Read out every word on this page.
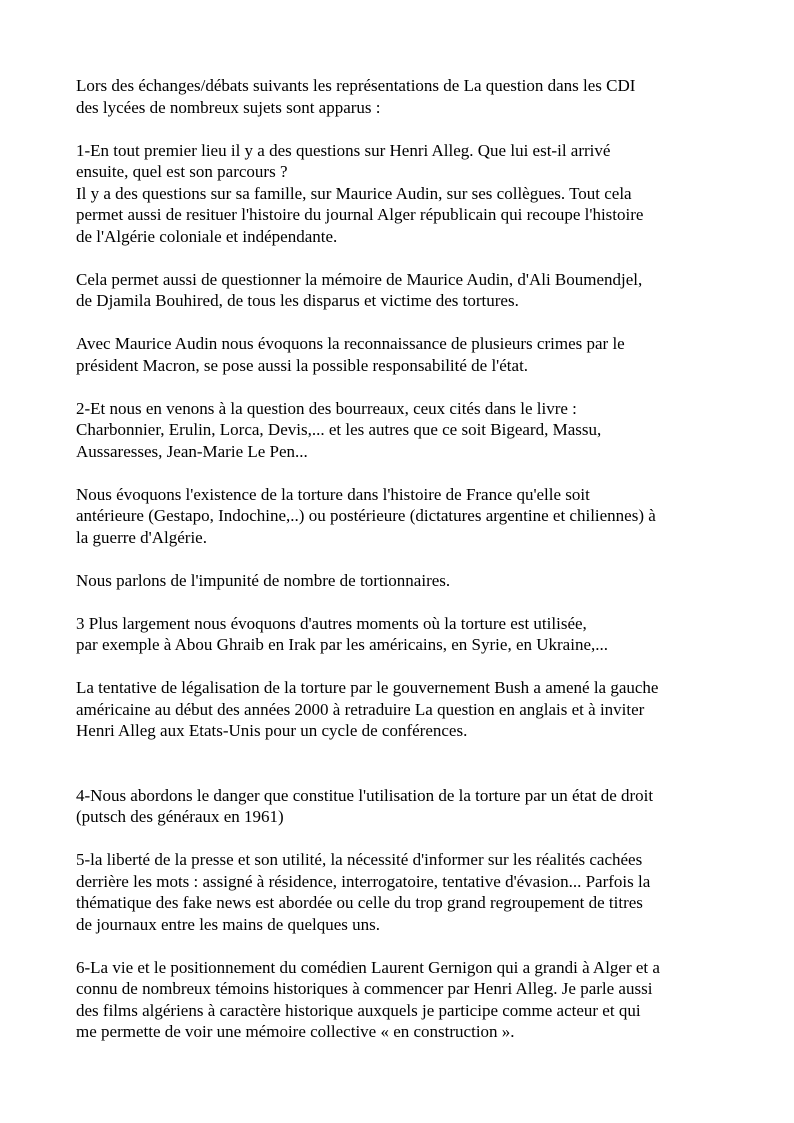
Lors des échanges/débats suivants les représentations de La question dans les CDI
des lycées de nombreux sujets sont apparus :

1-En tout premier lieu il y a des questions sur Henri Alleg. Que lui est-il arrivé
ensuite, quel est son parcours ?
Il y a des questions sur sa famille, sur Maurice Audin, sur ses collègues. Tout cela
permet aussi de resituer l'histoire du journal Alger républicain qui recoupe l'histoire
de l'Algérie coloniale et indépendante.

Cela permet aussi de questionner la mémoire de Maurice Audin, d'Ali Boumendjel,
de Djamila Bouhired, de tous les disparus et victime des tortures.

Avec Maurice Audin nous évoquons la reconnaissance de plusieurs crimes par le
président Macron, se pose aussi la possible responsabilité de l'état.

2-Et nous en venons à la question des bourreaux, ceux cités dans le livre :
Charbonnier, Erulin, Lorca, Devis,... et les autres que ce soit Bigeard, Massu,
Aussaresses, Jean-Marie Le Pen...

Nous évoquons l'existence de la torture dans l'histoire de France qu'elle soit
antérieure (Gestapo, Indochine,..) ou postérieure (dictatures argentine et chiliennes) à
la guerre d'Algérie.

Nous parlons de l'impunité de nombre de tortionnaires.

3 Plus largement nous évoquons d'autres moments où la torture est utilisée,
par exemple à Abou Ghraib en Irak par les américains, en Syrie, en Ukraine,...

La tentative de légalisation de la torture par le gouvernement Bush a amené la gauche
américaine au début des années 2000 à retraduire La question en anglais et à inviter
Henri Alleg aux Etats-Unis pour un cycle de conférences.

4-Nous abordons le danger que constitue l'utilisation de la torture par un état de droit
(putsch des généraux en 1961)

5-la liberté de la presse et son utilité, la nécessité d'informer sur les réalités cachées
derrière les mots : assigné à résidence, interrogatoire, tentative d'évasion... Parfois la
thématique des fake news est abordée ou celle du trop grand regroupement de titres
de journaux entre les mains de quelques uns.

6-La vie et le positionnement du comédien Laurent Gernigon qui a grandi à Alger et a
connu de nombreux témoins historiques à commencer par Henri Alleg. Je parle aussi
des films algériens à caractère historique auxquels je participe comme acteur et qui
me permette de voir une mémoire collective « en construction ».
